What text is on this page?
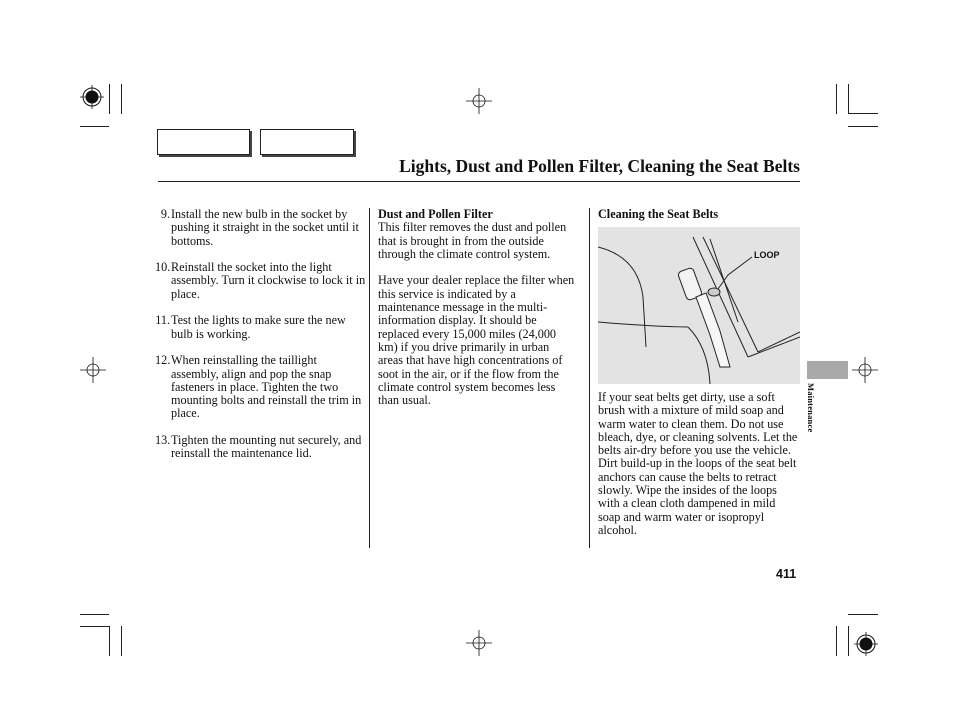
Lights, Dust and Pollen Filter, Cleaning the Seat Belts
9. Install the new bulb in the socket by pushing it straight in the socket until it bottoms.
10. Reinstall the socket into the light assembly. Turn it clockwise to lock it in place.
11. Test the lights to make sure the new bulb is working.
12. When reinstalling the taillight assembly, align and pop the snap fasteners in place. Tighten the two mounting bolts and reinstall the trim in place.
13. Tighten the mounting nut securely, and reinstall the maintenance lid.
Dust and Pollen Filter

This filter removes the dust and pollen that is brought in from the outside through the climate control system.

Have your dealer replace the filter when this service is indicated by a maintenance message in the multi-information display. It should be replaced every 15,000 miles (24,000 km) if you drive primarily in urban areas that have high concentrations of soot in the air, or if the flow from the climate control system becomes less than usual.

Cleaning the Seat Belts
LOOP

If your seat belts get dirty, use a soft brush with a mixture of mild soap and warm water to clean them. Do not use bleach, dye, or cleaning solvents. Let the belts air-dry before you use the vehicle.

Dirt build-up in the loops of the seat belt anchors can cause the belts to retract slowly. Wipe the insides of the loops with a clean cloth dampened in mild soap and warm water or isopropyl alcohol.

Maintenance
411
